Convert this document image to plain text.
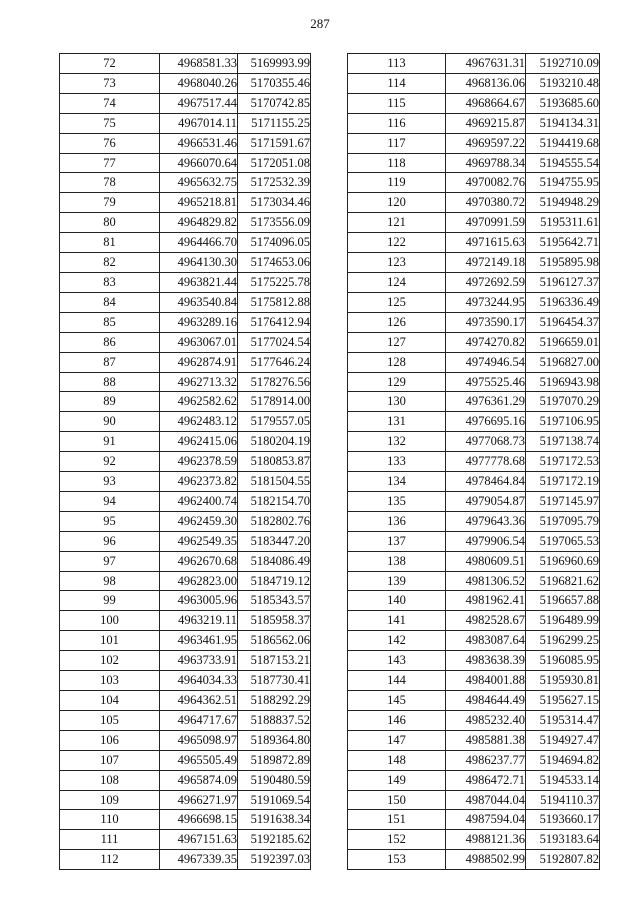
287
72	4968581.33	5169993.99
73	4968040.26	5170355.46
74	4967517.44	5170742.85
75	4967014.11	5171155.25
76	4966531.46	5171591.67
77	4966070.64	5172051.08
78	4965632.75	5172532.39
79	4965218.81	5173034.46
80	4964829.82	5173556.09
81	4964466.70	5174096.05
82	4964130.30	5174653.06
83	4963821.44	5175225.78
84	4963540.84	5175812.88
85	4963289.16	5176412.94
86	4963067.01	5177024.54
87	4962874.91	5177646.24
88	4962713.32	5178276.56
89	4962582.62	5178914.00
90	4962483.12	5179557.05
91	4962415.06	5180204.19
92	4962378.59	5180853.87
93	4962373.82	5181504.55
94	4962400.74	5182154.70
95	4962459.30	5182802.76
96	4962549.35	5183447.20
97	4962670.68	5184086.49
98	4962823.00	5184719.12
99	4963005.96	5185343.57
100	4963219.11	5185958.37
101	4963461.95	5186562.06
102	4963733.91	5187153.21
103	4964034.33	5187730.41
104	4964362.51	5188292.29
105	4964717.67	5188837.52
106	4965098.97	5189364.80
107	4965505.49	5189872.89
108	4965874.09	5190480.59
109	4966271.97	5191069.54
110	4966698.15	5191638.34
111	4967151.63	5192185.62
112	4967339.35	5192397.03
113	4967631.31	5192710.09
114	4968136.06	5193210.48
115	4968664.67	5193685.60
116	4969215.87	5194134.31
117	4969597.22	5194419.68
118	4969788.34	5194555.54
119	4970082.76	5194755.95
120	4970380.72	5194948.29
121	4970991.59	5195311.61
122	4971615.63	5195642.71
123	4972149.18	5195895.98
124	4972692.59	5196127.37
125	4973244.95	5196336.49
126	4973590.17	5196454.37
127	4974270.82	5196659.01
128	4974946.54	5196827.00
129	4975525.46	5196943.98
130	4976361.29	5197070.29
131	4976695.16	5197106.95
132	4977068.73	5197138.74
133	4977778.68	5197172.53
134	4978464.84	5197172.19
135	4979054.87	5197145.97
136	4979643.36	5197095.79
137	4979906.54	5197065.53
138	4980609.51	5196960.69
139	4981306.52	5196821.62
140	4981962.41	5196657.88
141	4982528.67	5196489.99
142	4983087.64	5196299.25
143	4983638.39	5196085.95
144	4984001.88	5195930.81
145	4984644.49	5195627.15
146	4985232.40	5195314.47
147	4985881.38	5194927.47
148	4986237.77	5194694.82
149	4986472.71	5194533.14
150	4987044.04	5194110.37
151	4987594.04	5193660.17
152	4988121.36	5193183.64
153	4988502.99	5192807.82
